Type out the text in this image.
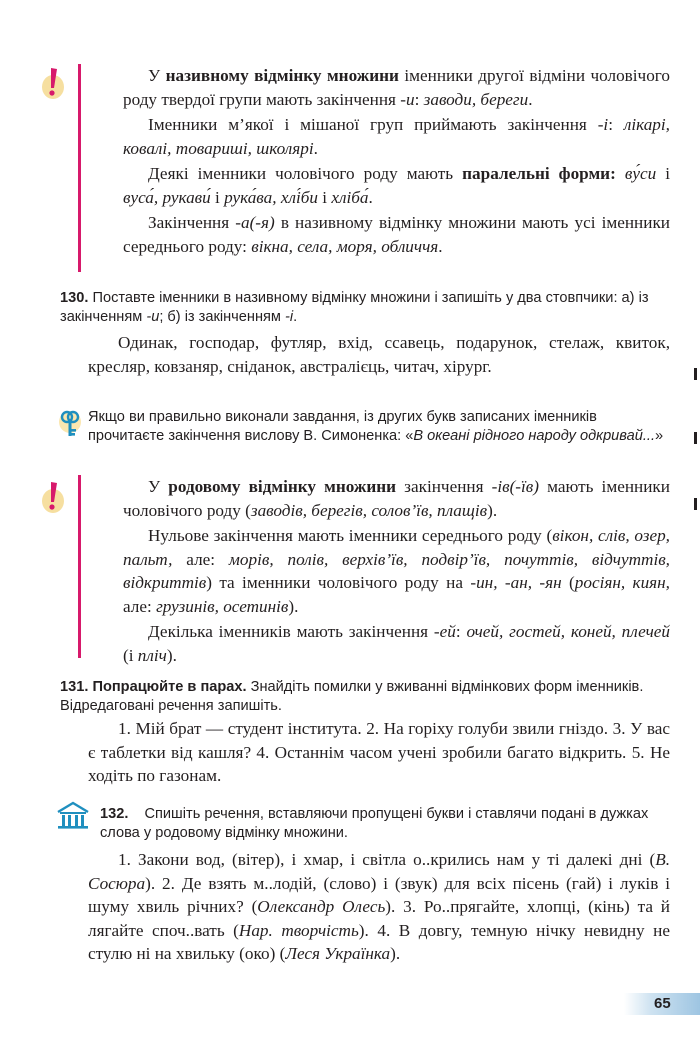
У називному відмінку множини іменники другої відміни чоловічого роду твердої групи мають закінчення -и: заводи, береги.

Іменники м’якої і мішаної груп приймають закінчення -і: лікарі, ковалі, товариші, школярі.

Деякі іменники чоловічого роду мають паралельні форми: ву́си і вуса́, рукави́ і рука́ва, хлі́би і хліба́.

Закінчення -а(-я) в називному відмінку множини мають усі іменники середнього роду: вікна, села, моря, обличчя.

130. Поставте іменники в називному відмінку множини і запишіть у два стовпчики: а) із закінченням -и; б) із закінченням -і.

Одинак, господар, футляр, вхід, ссавець, подарунок, стелаж, квиток, кресляр, ковзаняр, сніданок, австралієць, читач, хірург.

Якщо ви правильно виконали завдання, із других букв записаних іменників прочитаєте закінчення вислову В. Симоненка: «В океані рідного народу одкривай...»

У родовому відмінку множини закінчення -ів(-їв) мають іменники чоловічого роду (заводів, берегів, солов’їв, плащів).

Нульове закінчення мають іменники середнього роду (вікон, слів, озер, пальт, але: морів, полів, верхів’їв, подвір’їв, почуттів, відчуттів, відкриттів) та іменники чоловічого роду на -ин, -ан, -ян (росіян, киян, але: грузинів, осетинів).

Декілька іменників мають закінчення -ей: очей, гостей, коней, плечей (і пліч).

131. Попрацюйте в парах. Знайдіть помилки у вживанні відмінкових форм іменників. Відредаговані речення запишіть.

1. Мій брат — студент інститута. 2. На горіху голуби звили гніздо. 3. У вас є таблетки від кашля? 4. Останнім часом учені зробили багато відкрить. 5. Не ходіть по газонам.

132. Спишіть речення, вставляючи пропущені букви і ставлячи подані в дужках слова у родовому відмінку множини.

1. Закони вод, (вітер), і хмар, і світла о..крились нам у ті далекі дні (В. Сосюра). 2. Де взять м..лодій, (слово) і (звук) для всіх пісень (гай) і луків і шуму хвиль річних? (Олександр Олесь). 3. Ро..прягайте, хлопці, (кінь) та й лягайте споч..вать (Нар. творчість). 4. В довгу, темную нічку невидну не стулю ні на хвильку (око) (Леся Українка).

65
